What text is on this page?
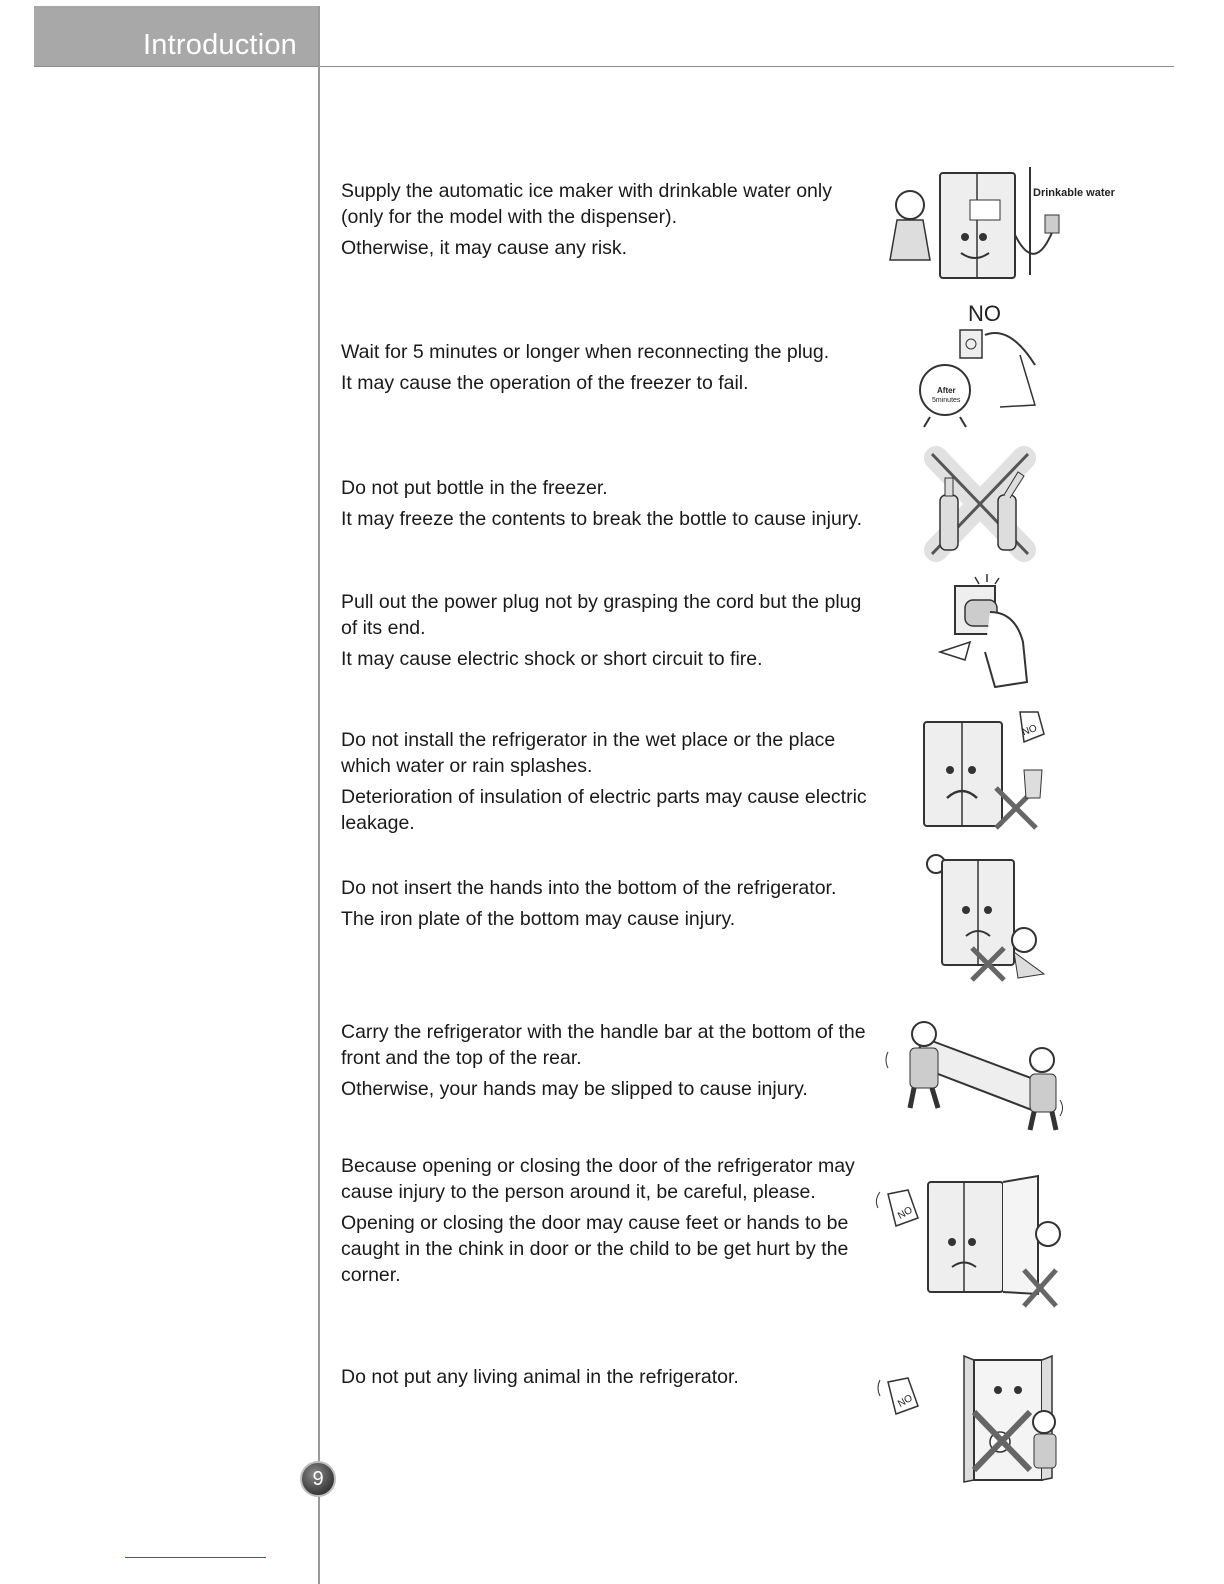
Introduction

Supply the automatic ice maker with drinkable water only (only for the model with the dispenser).

Otherwise, it may cause any risk.

Drinkable water

Wait for 5 minutes or longer when reconnecting the plug.

It may cause the operation of the freezer to fail.

NO
After
5minutes

Do not put bottle in the freezer.

It may freeze the contents to break the bottle to cause injury.

Pull out the power plug not by grasping the cord but the plug of its end.

It may cause electric shock or short circuit to fire.

Do not install the refrigerator in the wet place or the place which water or rain splashes.

Deterioration of insulation of electric parts may cause electric leakage.

NO

Do not insert the hands into the bottom of the refrigerator.

The iron plate of the bottom may cause injury.

Carry the refrigerator with the handle bar at the bottom of the front and the top of the rear.

Otherwise, your hands may be slipped to cause injury.

Because opening or closing the door of the refrigerator may cause injury to the person around it, be careful, please.

Opening or closing the door may cause feet or hands to be caught in the chink in door or the child to be get hurt by the corner.

NO

Do not put any living animal in the refrigerator.

NO
9
